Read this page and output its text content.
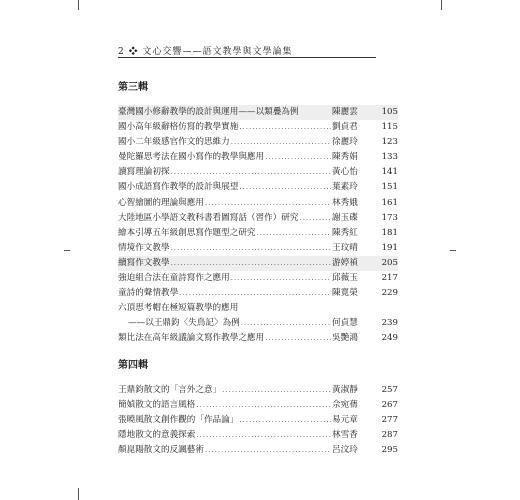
2 ❖ 文心交響——語文教學與文學論集
第三輯
臺灣國小修辭教學的設計與運用——以類疊為例	陳麗雲	105
國小高年級辭格仿寫的教學實施 .....	劉貞君	115
國小二年級感官作文的思維力 .....	徐麗玲	123
曼陀羅思考法在國小寫作的教學與應用 .....	陳秀娟	133
讀寫理論初探 .....	黃心怡	141
國小成語寫作教學的設計與展望 .....	葉素玲	151
心智繪圖的理論與應用 .....	林秀娥	161
大陸地區小學語文教科書看圖寫話（習作）研究 .....	謝玉碟	173
繪本引導五年級創思寫作題型之研究 .....	陳秀紅	181
情境作文教學 .....	王玟晴	191
續寫作文教學 .....	游婷禎	205
強迫組合法在童詩寫作之應用 .....	邱薇玉	217
童詩的聲情教學 .....	陳寬榮	229
六頂思考帽在極短篇教學的應用
——以王鼎鈞〈失鳥記〉為例 .....	何貞慧	239
類比法在高年級議論文寫作教學之應用 .....	吳艷鴻	249
第四輯
王鼎鈞散文的「言外之意」 .....	黃淑靜	257
簡媜散文的語言風格 .....	佘宛蒨	267
張曉風散文創作觀的「作品論」 .....	易元章	277
隱地散文的意義探索 .....	林雪香	287
顏崑陽散文的反諷藝術 .....	呂汶玲	295
